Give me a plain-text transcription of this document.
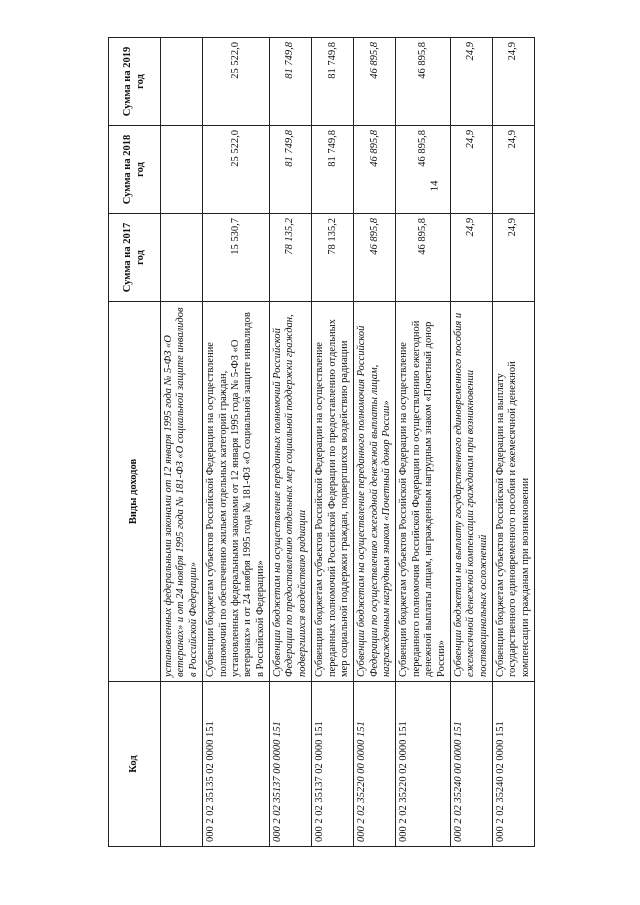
14
Код	Виды доходов	Сумма на 2017 год	Сумма на 2018 год	Сумма на 2019 год
	установленных федеральными законами от 12 января 1995 года № 5-ФЗ «О ветеранах» и от 24 ноября 1995 года № 181-ФЗ «О социальной защите инвалидов в Российской Федерации»			
000 2 02 35135 02 0000 151	Субвенции бюджетам субъектов Российской Федерации на осуществление полномочий по обеспечению жильем отдельных категорий граждан, установленных федеральными законами от 12 января 1995 года № 5-ФЗ «О ветеранах» и от 24 ноября 1995 года № 181-ФЗ «О социальной защите инвалидов в Российской Федерации»	15 530,7	25 522,0	25 522,0
000 2 02 35137 00 0000 151	Субвенции бюджетам на осуществление переданных полномочий Российской Федерации по предоставлению отдельных мер социальной поддержки граждан, подвергшихся воздействию радиации	78 135,2	81 749,8	81 749,8
000 2 02 35137 02 0000 151	Субвенции бюджетам субъектов Российской Федерации на осуществление переданных полномочий Российской Федерации по предоставлению отдельных мер социальной поддержки граждан, подвергшихся воздействию радиации	78 135,2	81 749,8	81 749,8
000 2 02 35220 00 0000 151	Субвенции бюджетам на осуществление переданного полномочия Российской Федерации по осуществлению ежегодной денежной выплаты лицам, награжденным нагрудным знаком «Почетный донор России»	46 895,8	46 895,8	46 895,8
000 2 02 35220 02 0000 151	Субвенции бюджетам субъектов Российской Федерации на осуществление переданного полномочия Российской Федерации по осуществлению ежегодной денежной выплаты лицам, награжденным нагрудным знаком «Почетный донор России»	46 895,8	46 895,8	46 895,8
000 2 02 35240 00 0000 151	Субвенции бюджетам на выплату государственного единовременного пособия и ежемесячной денежной компенсации гражданам при возникновении поствакцинальных осложнений	24,9	24,9	24,9
000 2 02 35240 02 0000 151	Субвенции бюджетам субъектов Российской Федерации на выплату государственного единовременного пособия и ежемесячной денежной компенсации гражданам при возникновении	24,9	24,9	24,9
